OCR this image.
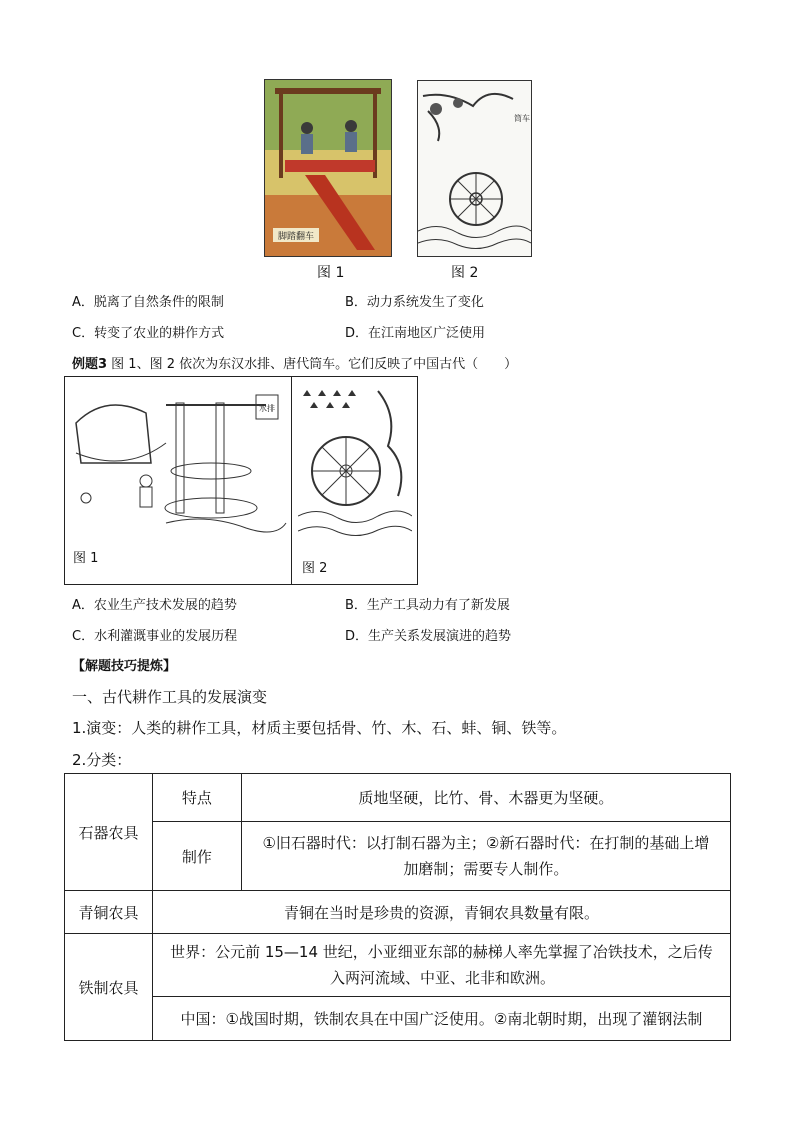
脚踏翻车
筒车
图 1	图 2
A．脱离了自然条件的限制	B．动力系统发生了变化
C．转变了农业的耕作方式	D．在江南地区广泛使用
例题3 图 1、图 2 依次为东汉水排、唐代筒车。它们反映了中国古代（　　）
水排
图 1
图 2
A．农业生产技术发展的趋势	B．生产工具动力有了新发展
C．水利灌溉事业的发展历程	D．生产关系发展演进的趋势
【解题技巧提炼】
一、古代耕作工具的发展演变
1.演变：人类的耕作工具，材质主要包括骨、竹、木、石、蚌、铜、铁等。
2.分类：
石器农具	特点	质地坚硬，比竹、骨、木器更为坚硬。
	制作	①旧石器时代：以打制石器为主；②新石器时代：在打制的基础上增
加磨制；需要专人制作。

青铜农具	青铜在当时是珍贵的资源，青铜农具数量有限。	
铁制农具	世界：公元前 15—14 世纪，小亚细亚东部的赫梯人率先掌握了冶铁技术，之后传
入两河流域、中亚、北非和欧洲。	

	中国：①战国时期，铁制农具在中国广泛使用。②南北朝时期，出现了灌钢法制	
